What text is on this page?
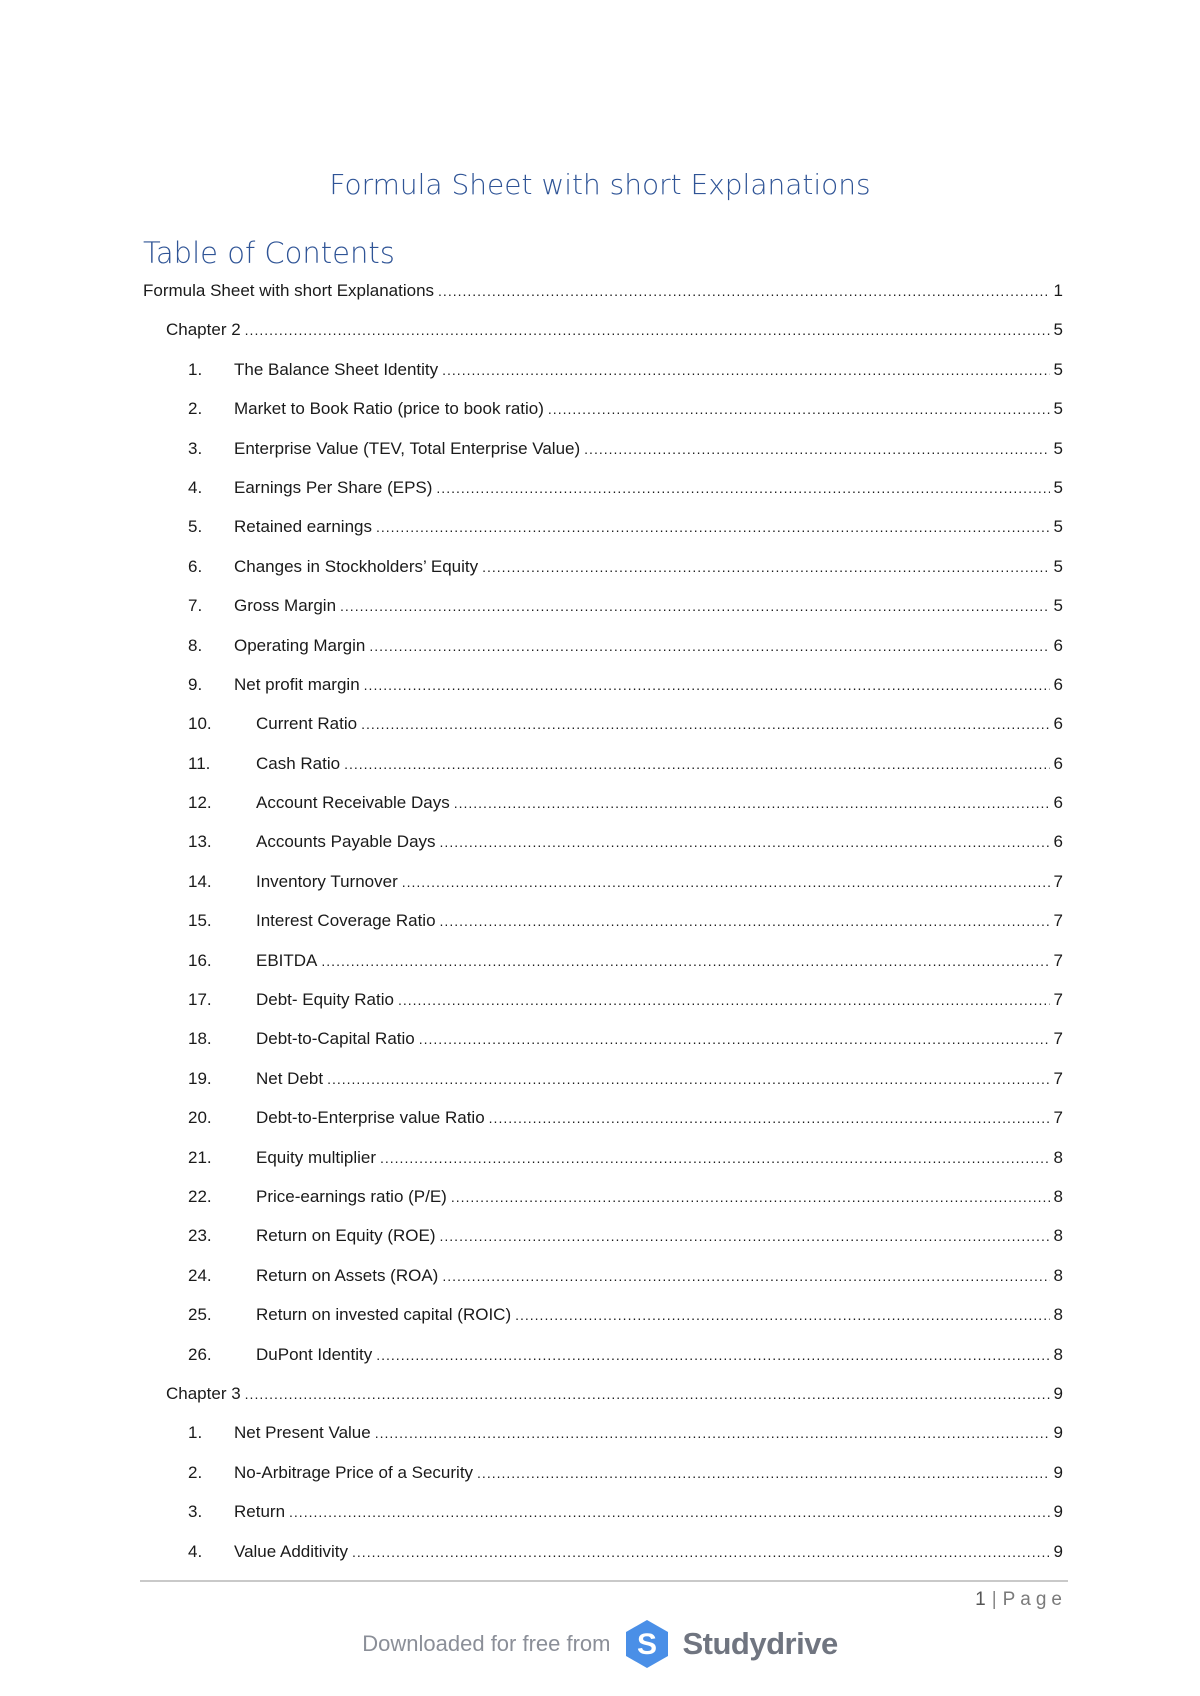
Formula Sheet with short Explanations
Table of Contents
Formula Sheet with short Explanations .....	1
Chapter 2 .....	5
1.	The Balance Sheet Identity .....	5
2.	Market to Book Ratio (price to book ratio) .....	5
3.	Enterprise Value (TEV, Total Enterprise Value) .....	5
4.	Earnings Per Share (EPS) .....	5
5.	Retained earnings .....	5
6.	Changes in Stockholders’ Equity .....	5
7.	Gross Margin .....	5
8.	Operating Margin .....	6
9.	Net profit margin .....	6
10.	Current Ratio .....	6
11.	Cash Ratio .....	6
12.	Account Receivable Days .....	6
13.	Accounts Payable Days .....	6
14.	Inventory Turnover .....	7
15.	Interest Coverage Ratio .....	7
16.	EBITDA .....	7
17.	Debt- Equity Ratio .....	7
18.	Debt-to-Capital Ratio .....	7
19.	Net Debt .....	7
20.	Debt-to-Enterprise value Ratio .....	7
21.	Equity multiplier .....	8
22.	Price-earnings ratio (P/E) .....	8
23.	Return on Equity (ROE) .....	8
24.	Return on Assets (ROA) .....	8
25.	Return on invested capital (ROIC) .....	8
26.	DuPont Identity .....	8
Chapter 3 .....	9
1.	Net Present Value .....	9
2.	No-Arbitrage Price of a Security .....	9
3.	Return .....	9
4.	Value Additivity .....	9
1 | Page
Downloaded for free from S Studydrive
